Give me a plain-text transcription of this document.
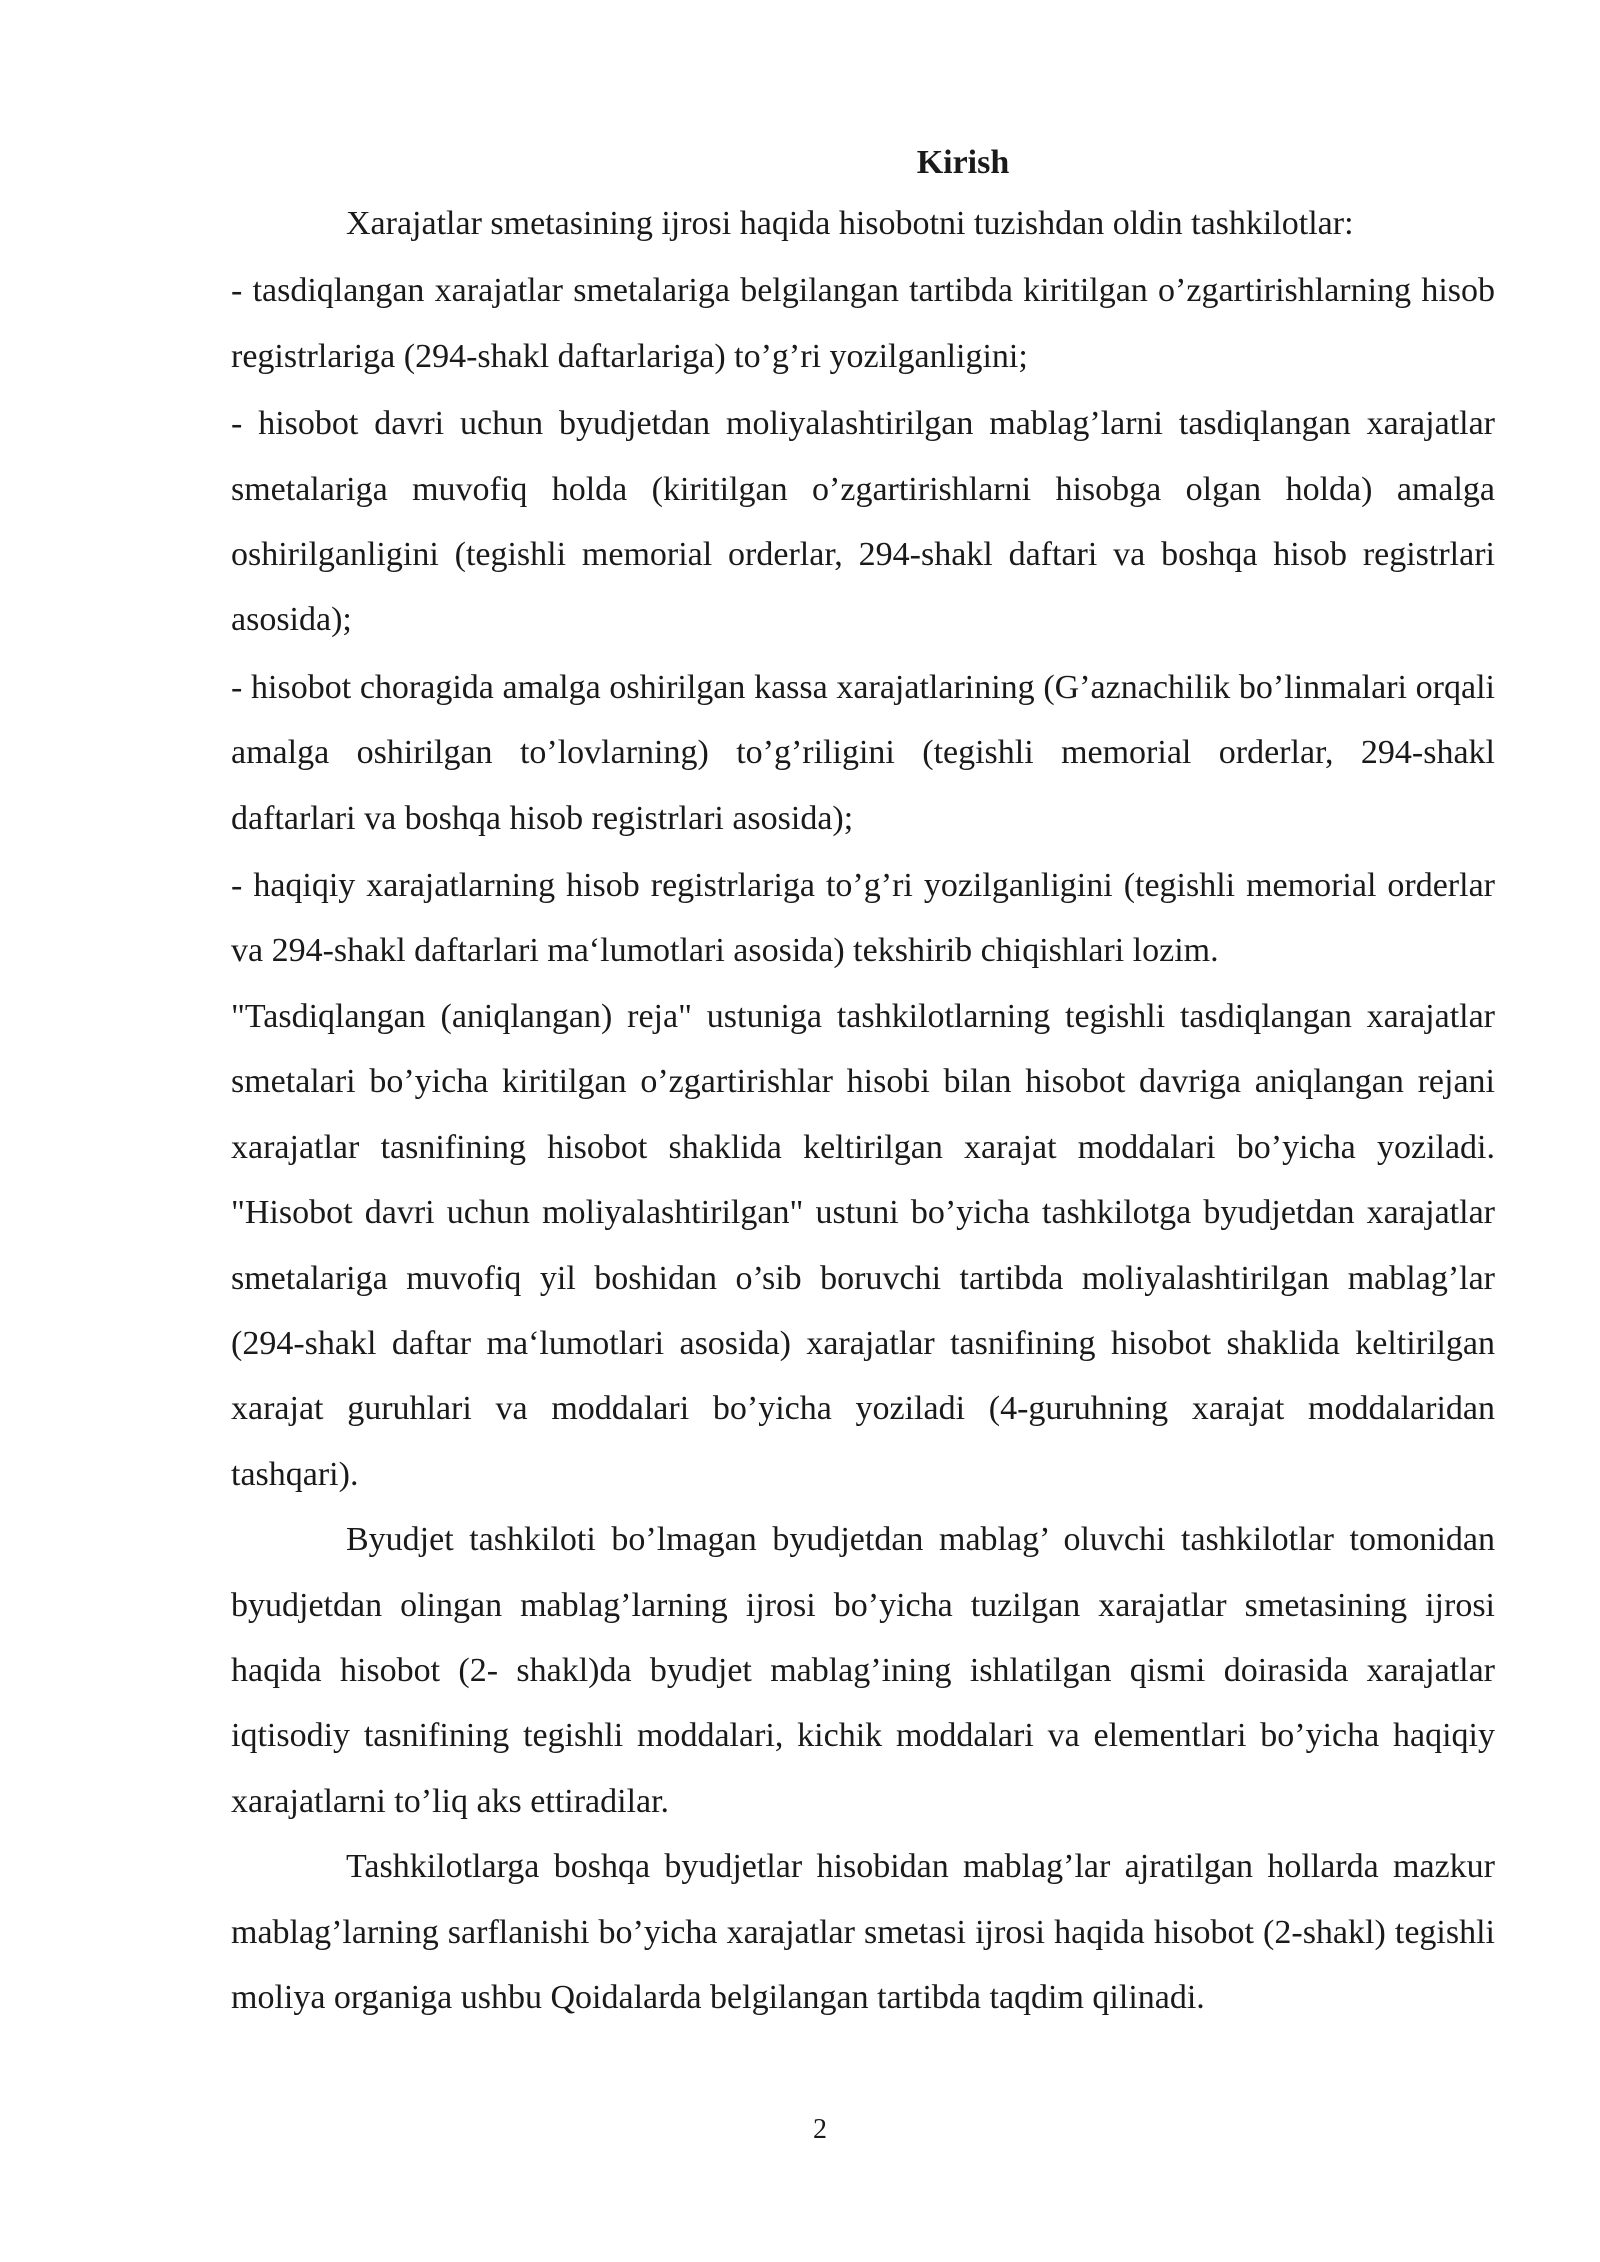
Kirish

Xarajatlar smetasining ijrosi haqida hisobotni tuzishdan oldin tashkilotlar:

- tasdiqlangan xarajatlar smetalariga belgilangan tartibda kiritilgan o’zgartirishlarning hisob registrlariga (294-shakl daftarlariga) to’g’ri yozilganligini;

- hisobot davri uchun byudjetdan moliyalashtirilgan mablag’larni tasdiqlangan xarajatlar smetalariga muvofiq holda (kiritilgan o’zgartirishlarni hisobga olgan holda) amalga oshirilganligini (tegishli memorial orderlar, 294-shakl daftari va boshqa hisob registrlari asosida);

- hisobot choragida amalga oshirilgan kassa xarajatlarining (G’aznachilik bo’linmalari orqali amalga oshirilgan to’lovlarning) to’g’riligini (tegishli memorial orderlar, 294-shakl daftarlari va boshqa hisob registrlari asosida);

- haqiqiy xarajatlarning hisob registrlariga to’g’ri yozilganligini (tegishli memorial orderlar va 294-shakl daftarlari ma‘lumotlari asosida) tekshirib chiqishlari lozim.

"Tasdiqlangan (aniqlangan) reja" ustuniga tashkilotlarning tegishli tasdiqlangan xarajatlar smetalari bo’yicha kiritilgan o’zgartirishlar hisobi bilan hisobot davriga aniqlangan rejani xarajatlar tasnifining hisobot shaklida keltirilgan xarajat moddalari bo’yicha yoziladi. "Hisobot davri uchun moliyalashtirilgan" ustuni bo’yicha tashkilotga byudjetdan xarajatlar smetalariga muvofiq yil boshidan o’sib boruvchi tartibda moliyalashtirilgan mablag’lar (294-shakl daftar ma‘lumotlari asosida) xarajatlar tasnifining hisobot shaklida keltirilgan xarajat guruhlari va moddalari bo’yicha yoziladi (4-guruhning xarajat moddalaridan tashqari).

Byudjet tashkiloti bo’lmagan byudjetdan mablag’ oluvchi tashkilotlar tomonidan byudjetdan olingan mablag’larning ijrosi bo’yicha tuzilgan xarajatlar smetasining ijrosi haqida hisobot (2- shakl)da byudjet mablag’ining ishlatilgan qismi doirasida xarajatlar iqtisodiy tasnifining tegishli moddalari, kichik moddalari va elementlari bo’yicha haqiqiy xarajatlarni to’liq aks ettiradilar.

Tashkilotlarga boshqa byudjetlar hisobidan mablag’lar ajratilgan hollarda mazkur mablag’larning sarflanishi bo’yicha xarajatlar smetasi ijrosi haqida hisobot (2-shakl) tegishli moliya organiga ushbu Qoidalarda belgilangan tartibda taqdim qilinadi.

2
